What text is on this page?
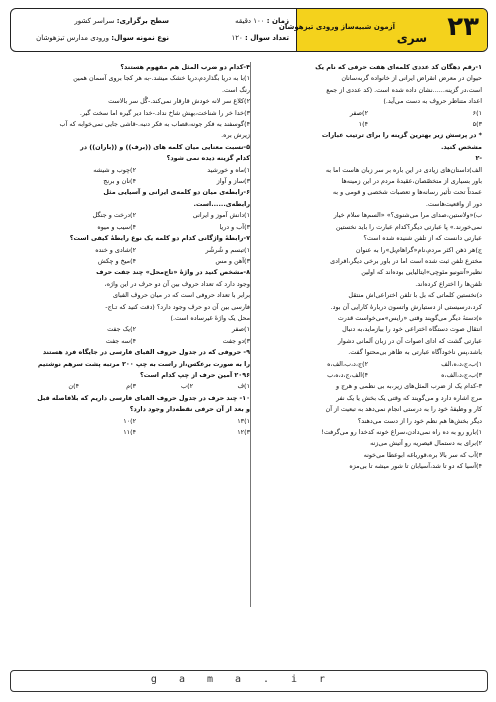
۲۳
سری
آزمون شبیه‌ساز ورودی تیزهوشان
زمان : ۱۰۰ دقیقه
تعداد سوال : ۱۲۰
سطح برگزاری: سراسر کشور
نوع نمونه سوال: ورودی مدارس تیزهوشان
۱-رقم دهگان کد عددی کلمه‌ای هفت حرفی که نام یک
حیوان در معرض انقراض ایرانی از خانواده گربه‌سانان
است،در گزینه......نشان داده شده است. (کد عددی از جمع
اعداد متناظر حروف به دست می‌آید.)
۱)۶
۲)صفر
۳)۵
۴)۱
* در پرسش زیر بهترین گزینه را برای ترتیب عبارات
مشخص کنید.
-۲
الف)داستان‌های زیادی در این باره بر سر زبان هاست اما به
باور بسیاری از متخصّصان،عقیدهٔ مردم در این زمینه‌ها
عمدتاً تحت تأثیر رسانه‌ها و تعصبات شخصی و قومی و به
دور از واقعیت‌هاست.
ب)«ولاستین،صدای مرا می‌شنوی؟» «السم‌ها سلام خیار
نمی‌خورند.» پا عبارتی دیگر؟کدام عبارت را باید نخستین
عبارتی دانست که از تلفن شنیده شده است؟
ج)هر ذهن اکثر مردم،نام«گراهام‌بل»را به عنوان
مخترع تلفن ثبت شده است اما در باور برخی دیگر،افرادی
نظیر«آنتونیو مئوچی»ایتالیایی بوده‌اند که اولین
تلفن‌ها را اختراع کرده‌اند.
د)نخستین کلماتی که بل با تلفن اختراعی‌اش منتقل
کرد،درسیستی از دستیارش واتسون دربارهٔ کارایی آن بود.
ه)دستهٔ دیگر می‌گویند وقتی «رایس»می‌خواست قدرت
انتقال صوت دستگاه اختراعی خود را بیازماید،به دنبال
عبارتی گشت که ادای اصوات آن در زبان آلمانی دشوار
باشد،پس ناخودآگاه عبارتی به ظاهر بی‌محتوا گفت.
۱)ب،ج،د،ه،الف
۲)ج،د،ب،الف،ه
۳)ب،ج،د،الف،ه
۴)الف،ج،د،ه،ب
۳-کدام یک از ضرب المثل‌های زیر،به بی نظمی و هرج و
مرج اشاره دارد و می‌گویند که وقتی یک بخش یا یک نفر
کار و وظیفهٔ خود را به درستی انجام نمی‌دهد به تبعیت از آن
دیگر بخش‌ها هم نظم خود را از دست می‌دهند؟
۱)بارو رو به ده راه نمی‌دادن،سراغ خونه کدخدا رو می‌گرفت!
۲)برای به دستمال قیصریه رو آتیش می‌زنه
۳)آب که سر بالا بره،قورباغه ابوعطا می‌خونه
۴)آسیا که دو تا شد،آسیابان تا شور میشه تا بی‌مزه
۴-کدام دو ضرب المثل هم مفهوم هستند؟
۱)با به دریا بگذاردم،دریا خشک میشد.-به هر کجا بروی آسمان همین
رنگ است.
۲)کلاغ سر لانه خودش قارقار نمی‌کند.-گُل سر بالاست
۳)خدا خر را شناخت،بهش شاخ نداد.-خدا دیر گیره اما سخت گیر.
۴)گوسفند به فکر جونه،قصاب به فکر دنبه.-قاشی جایی نمی‌خوابه که آب
زیرش بره.
۵-نسبت معنایی میان کلمه های ((برف)) و ((باران)) در
کدام گزینه دیده نمی شود؟
۱)ماه و خورشید
۲)چوب و شیشه
۳)ساز و آواز
۴)نان و برنج
۶-رابطه‌ی میان دو کلمه‌ی ایرانی و آسیایی مثل
رابطه‌ی......است.
۱)دانش آموز و ایرانی
۲)درخت و جنگل
۳)آب و دریا
۴)سیب و میوه
۷-رابطهٔ واژگانی کدام دو کلمه یک نوع رابطهٔ کیفی است؟
۱)تبسم و شُرشُر
۲)شادی و خنده
۳)آهن و مس
۴)میخ و چکش
۸-مشخص کنید در واژهٔ «تاج‌محل» چند جفت حرف
وجود دارد که تعداد حروف بین آن دو حرف در این واژه،
برابر با تعداد حروفی است که در میان حروف الفبای
فارسی بین آن دو حرف وجود دارد؟ (دقت کنید که تـاج-
محل یک واژهٔ غیرساده است.)
۱)صفر
۲)یک جفت
۳)دو جفت
۴)سه جفت
۹- حروفی که در جدول حروف الفبای فارسی در جایگاه فرد هستند
را به صورت برعکس،از راست به چپ ۲۰۰ مرتبه پشت سرهم نوشتیم
۲۰۹۶ آمین حرف از چپ کدام است؟
۱)ف
۲)ب
۳)م
۴)ن
۱۰- چند حرف در جدول حروف الفبای فارسی داریم که بلافاصله قبل
و بعد از آن حرفی نقطه‌دار وجود دارد؟
۱)۱۳
۲)۱۰
۳)۱۲
۴)۱۱
gama.ir
